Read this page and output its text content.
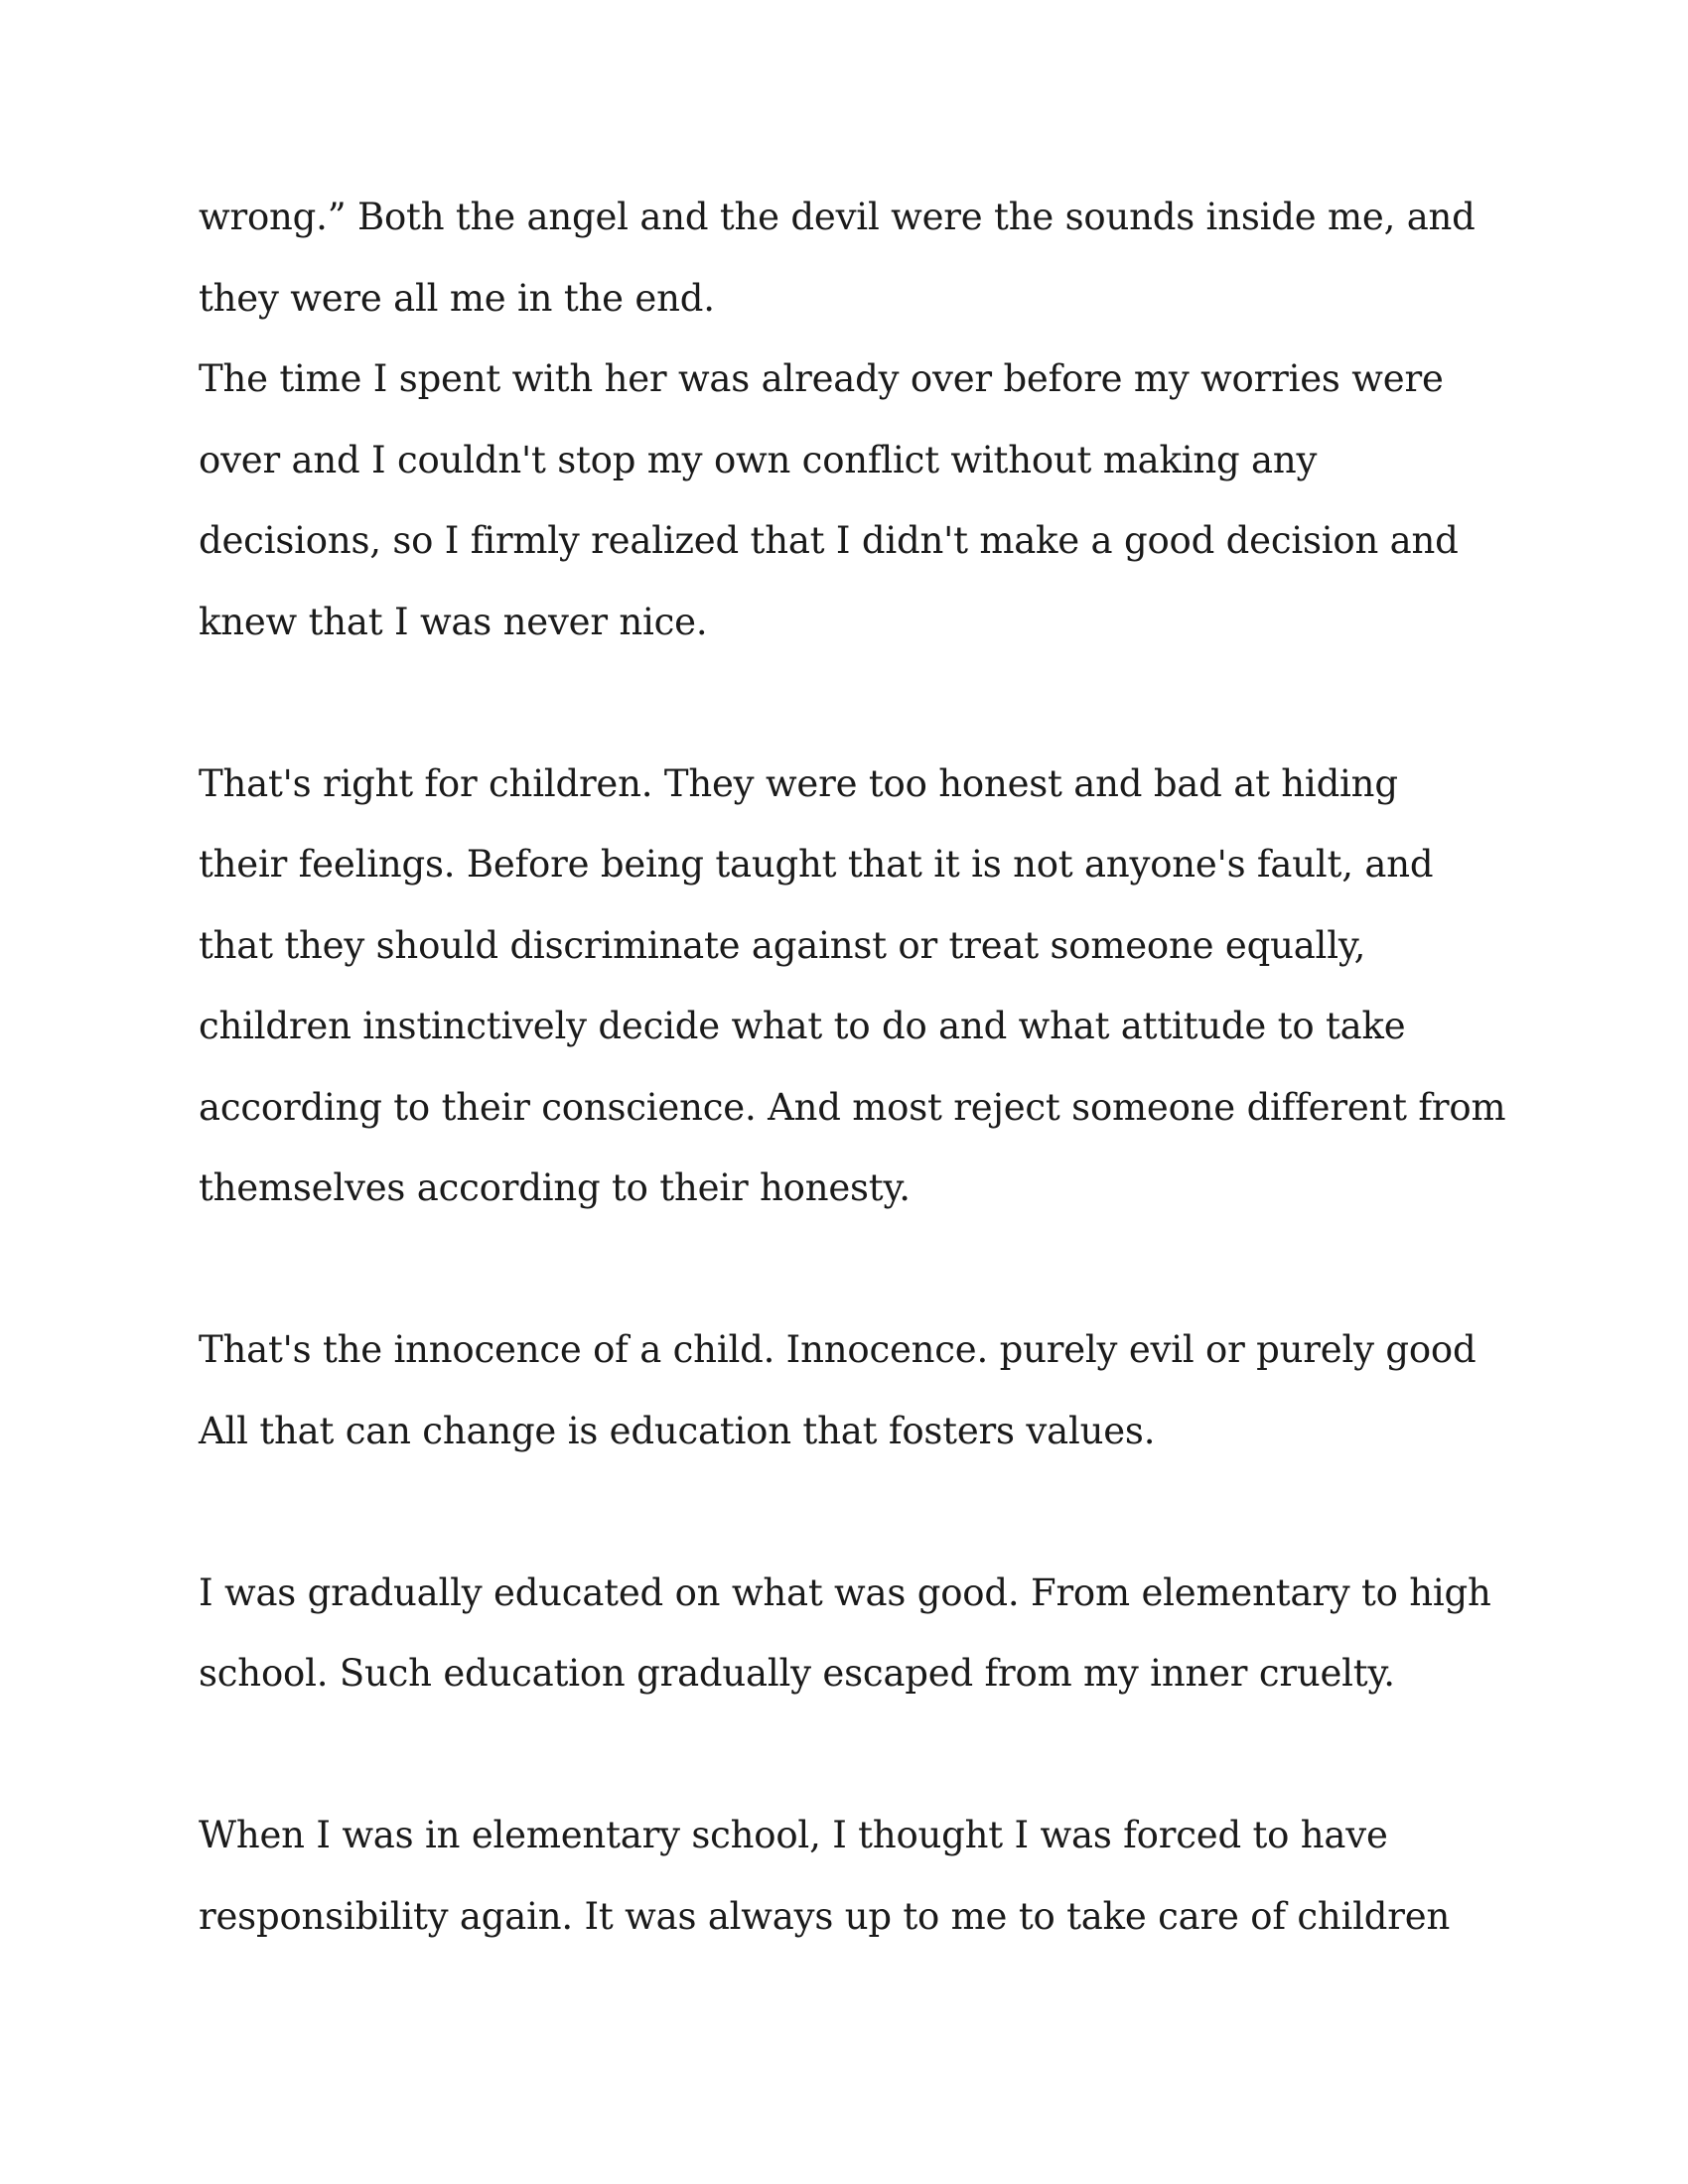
wrong.” Both the angel and the devil were the sounds inside me, and
they were all me in the end.

The time I spent with her was already over before my worries were
over and I couldn't stop my own conflict without making any
decisions, so I firmly realized that I didn't make a good decision and
knew that I was never nice.

That's right for children. They were too honest and bad at hiding
their feelings. Before being taught that it is not anyone's fault, and
that they should discriminate against or treat someone equally,
children instinctively decide what to do and what attitude to take
according to their conscience. And most reject someone different from
themselves according to their honesty.

That's the innocence of a child. Innocence. purely evil or purely good
All that can change is education that fosters values.

I was gradually educated on what was good. From elementary to high
school. Such education gradually escaped from my inner cruelty.

When I was in elementary school, I thought I was forced to have
responsibility again. It was always up to me to take care of children
